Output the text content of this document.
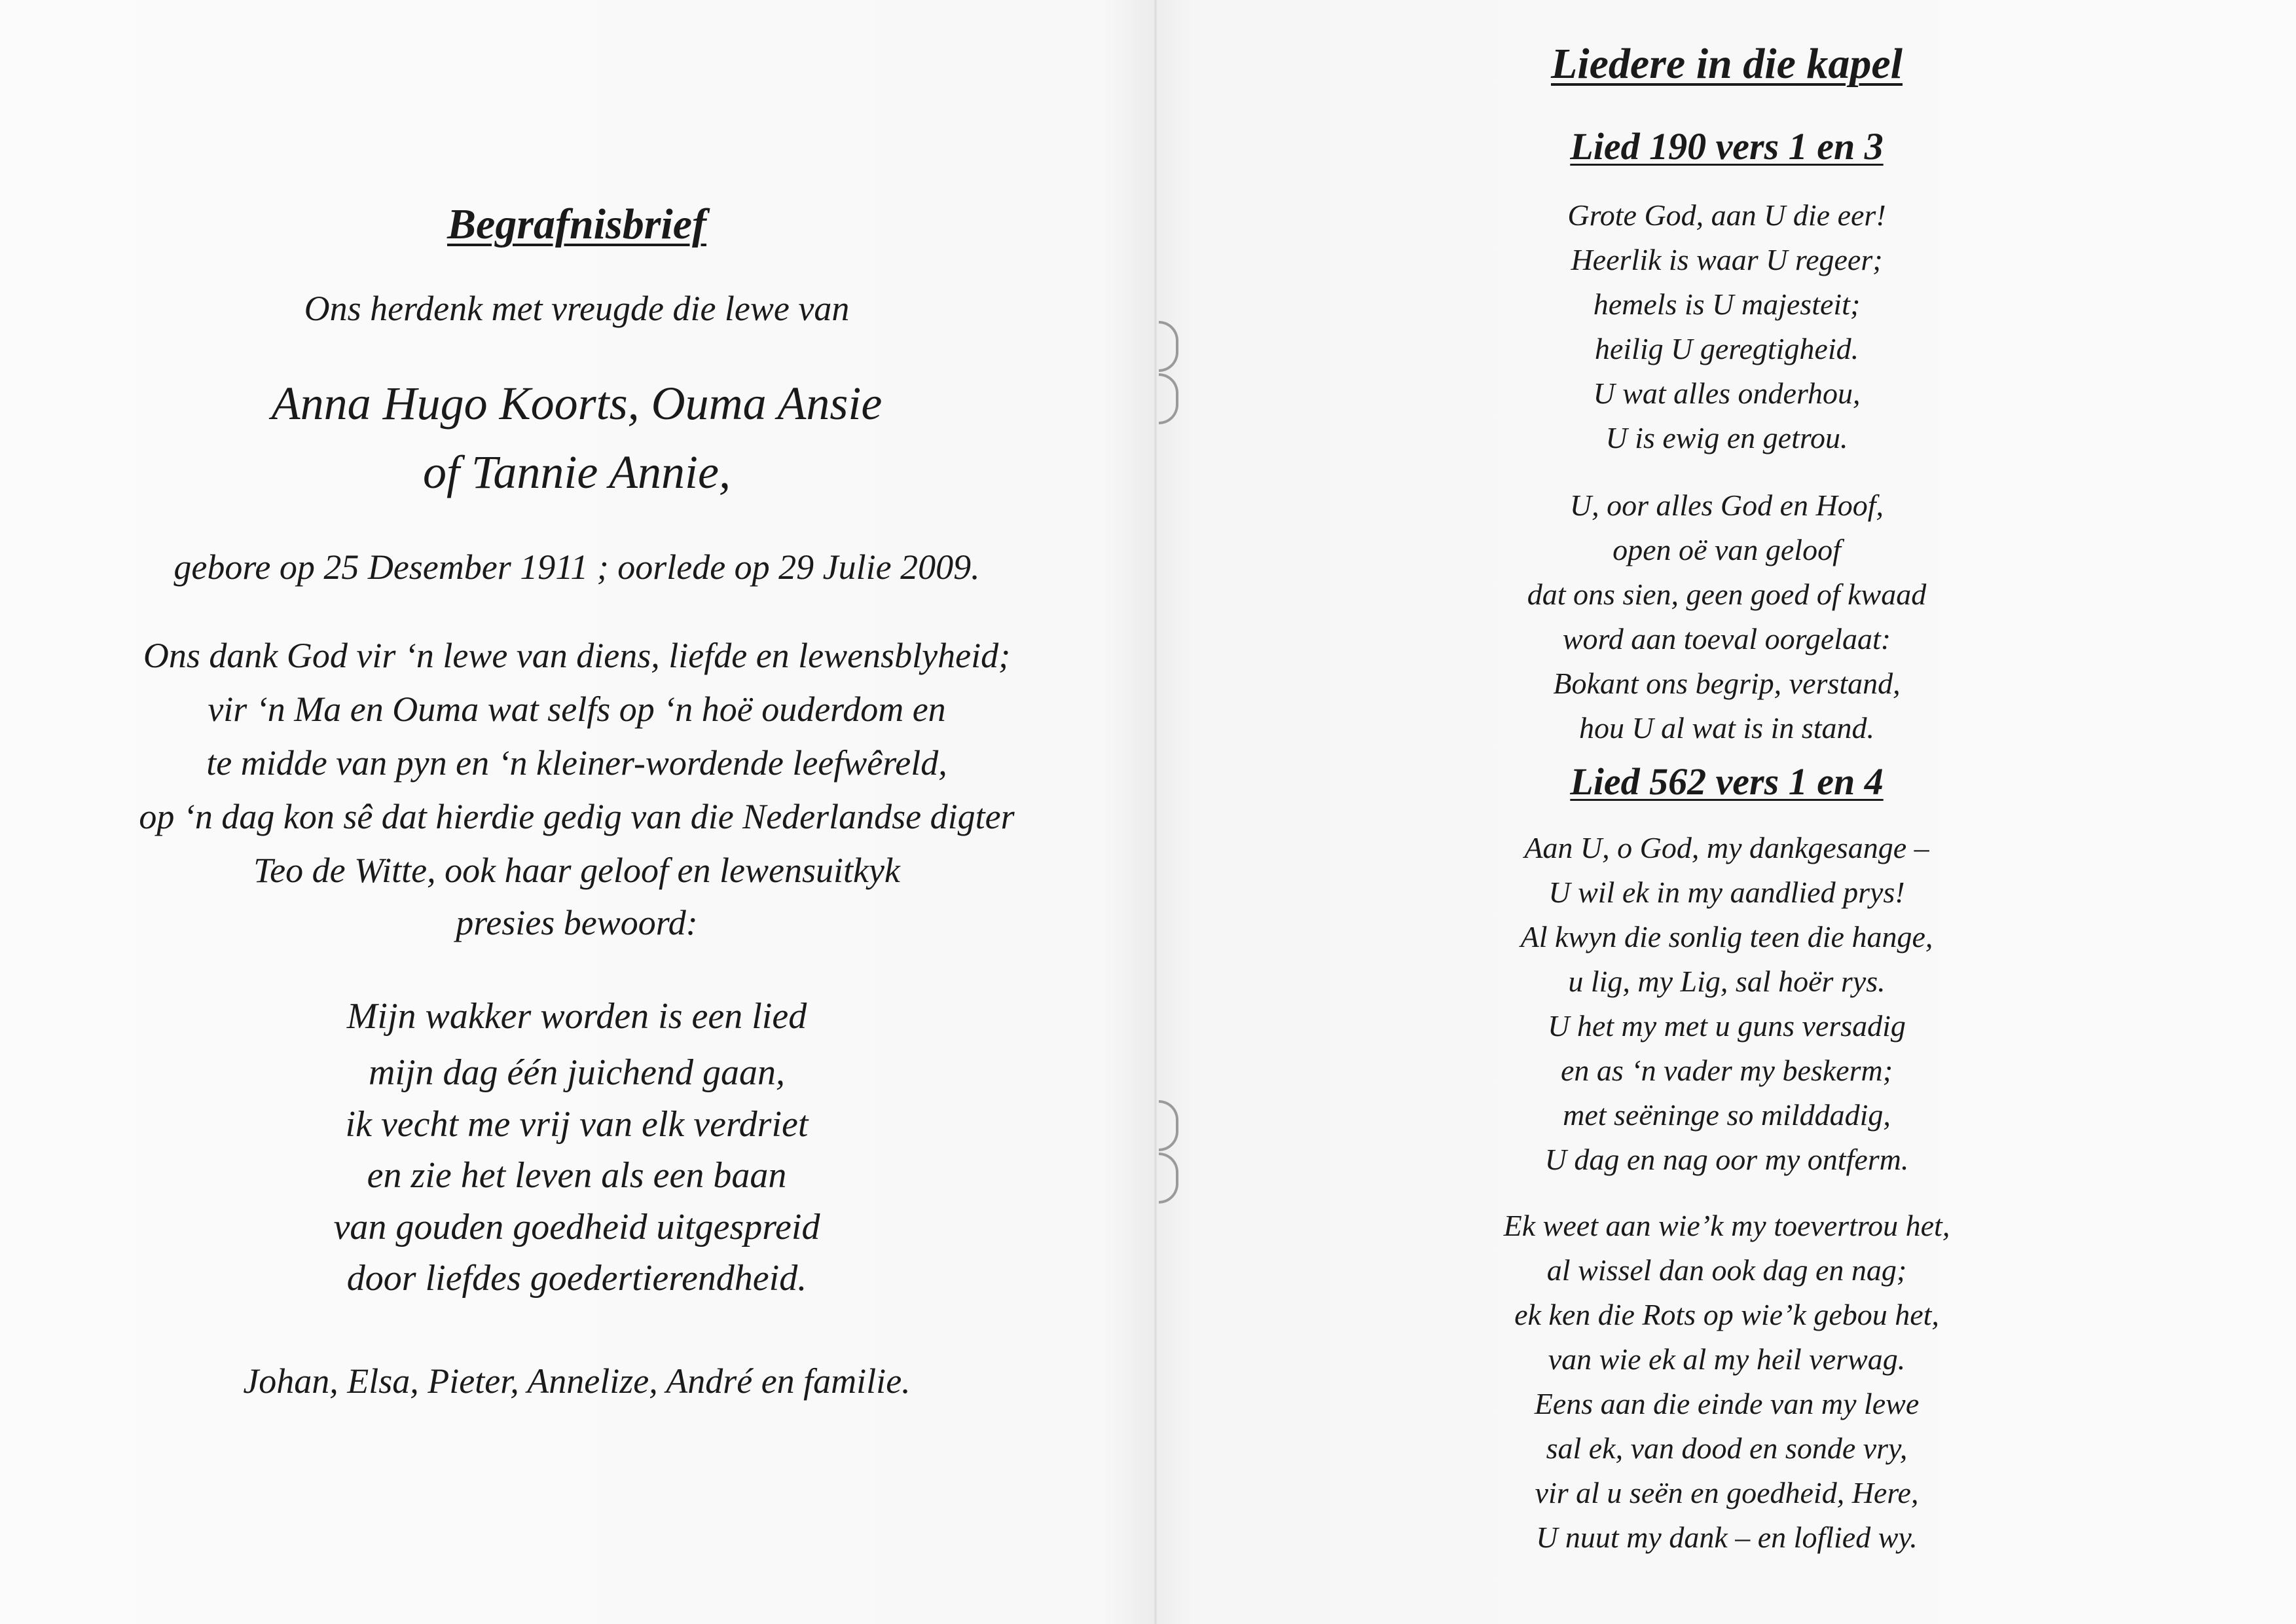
Begrafnisbrief
Ons herdenk met vreugde die lewe van
Anna Hugo Koorts, Ouma Ansie
of Tannie Annie,
gebore op 25 Desember 1911 ; oorlede op 29 Julie 2009.
Ons dank God vir ‘n lewe van diens, liefde en lewensblyheid;
vir ‘n Ma en Ouma wat selfs op ‘n hoë ouderdom en
te midde van pyn en ‘n kleiner-wordende leefwêreld,
op ‘n dag kon sê dat hierdie gedig van die Nederlandse digter
Teo de Witte, ook haar geloof en lewensuitkyk
presies bewoord:
Mijn wakker worden is een lied
mijn dag één juichend gaan,
ik vecht me vrij van elk verdriet
en zie het leven als een baan
van gouden goedheid uitgespreid
door liefdes goedertierendheid.
Johan, Elsa, Pieter, Annelize, André en familie.
Liedere in die kapel
Lied 190 vers 1 en 3
Grote God, aan U die eer!
Heerlik is waar U regeer;
hemels is U majesteit;
heilig U geregtigheid.
U wat alles onderhou,
U is ewig en getrou.
U, oor alles God en Hoof,
open oë van geloof
dat ons sien, geen goed of kwaad
word aan toeval oorgelaat:
Bokant ons begrip, verstand,
hou U al wat is in stand.
Lied 562 vers 1 en 4
Aan U, o God, my dankgesange –
U wil ek in my aandlied prys!
Al kwyn die sonlig teen die hange,
u lig, my Lig, sal hoër rys.
U het my met u guns versadig
en as ‘n vader my beskerm;
met seëninge so milddadig,
U dag en nag oor my ontferm.
Ek weet aan wie’k my toevertrou het,
al wissel dan ook dag en nag;
ek ken die Rots op wie’k gebou het,
van wie ek al my heil verwag.
Eens aan die einde van my lewe
sal ek, van dood en sonde vry,
vir al u seën en goedheid, Here,
U nuut my dank – en loflied wy.
